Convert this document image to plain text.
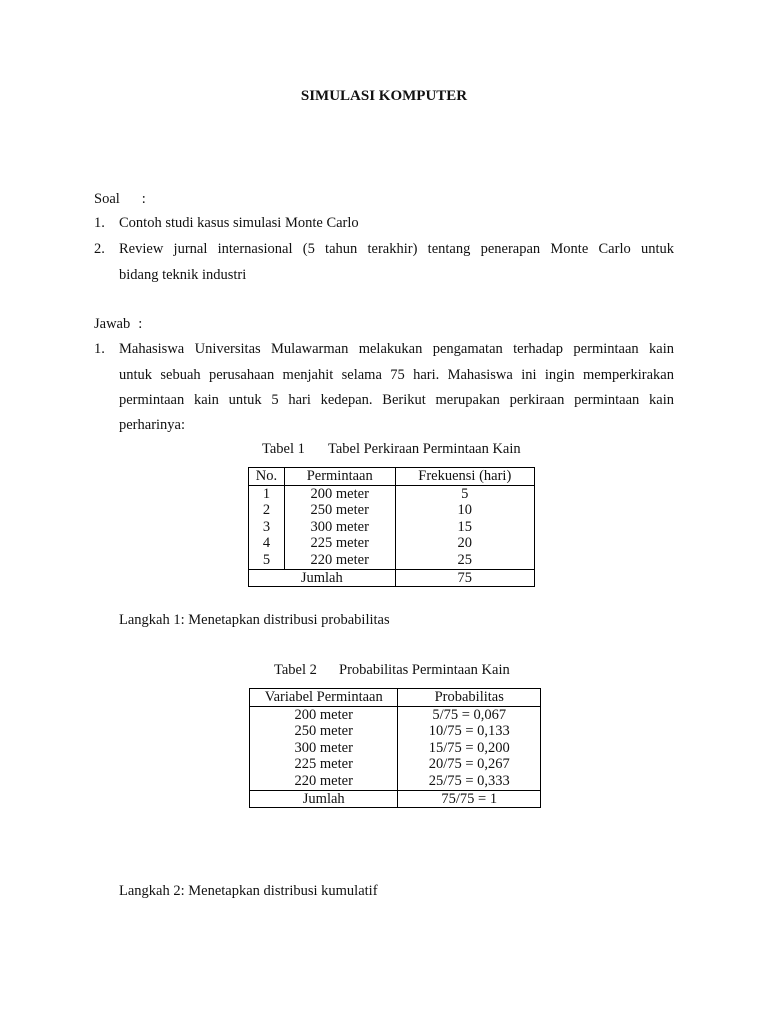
SIMULASI KOMPUTER
Soal :
1. Contoh studi kasus simulasi Monte Carlo
2. Review jurnal internasional (5 tahun terakhir) tentang penerapan Monte Carlo untuk
bidang teknik industri
Jawab :
1. Mahasiswa Universitas Mulawarman melakukan pengamatan terhadap permintaan kain
untuk sebuah perusahaan menjahit selama 75 hari. Mahasiswa ini ingin memperkirakan
permintaan kain untuk 5 hari kedepan. Berikut merupakan perkiraan permintaan kain
perharinya:
Tabel 1 Tabel Perkiraan Permintaan Kain
No.	Permintaan	Frekuensi (hari)
1	200 meter	5
2	250 meter	10
3	300 meter	15
4	225 meter	20
5	220 meter	25
Jumlah		75
Langkah 1: Menetapkan distribusi probabilitas
Tabel 2 Probabilitas Permintaan Kain
Variabel Permintaan	Probabilitas
200 meter	5/75 = 0,067
250 meter	10/75 = 0,133
300 meter	15/75 = 0,200
225 meter	20/75 = 0,267
220 meter	25/75 = 0,333
Jumlah	75/75 = 1
Langkah 2: Menetapkan distribusi kumulatif
